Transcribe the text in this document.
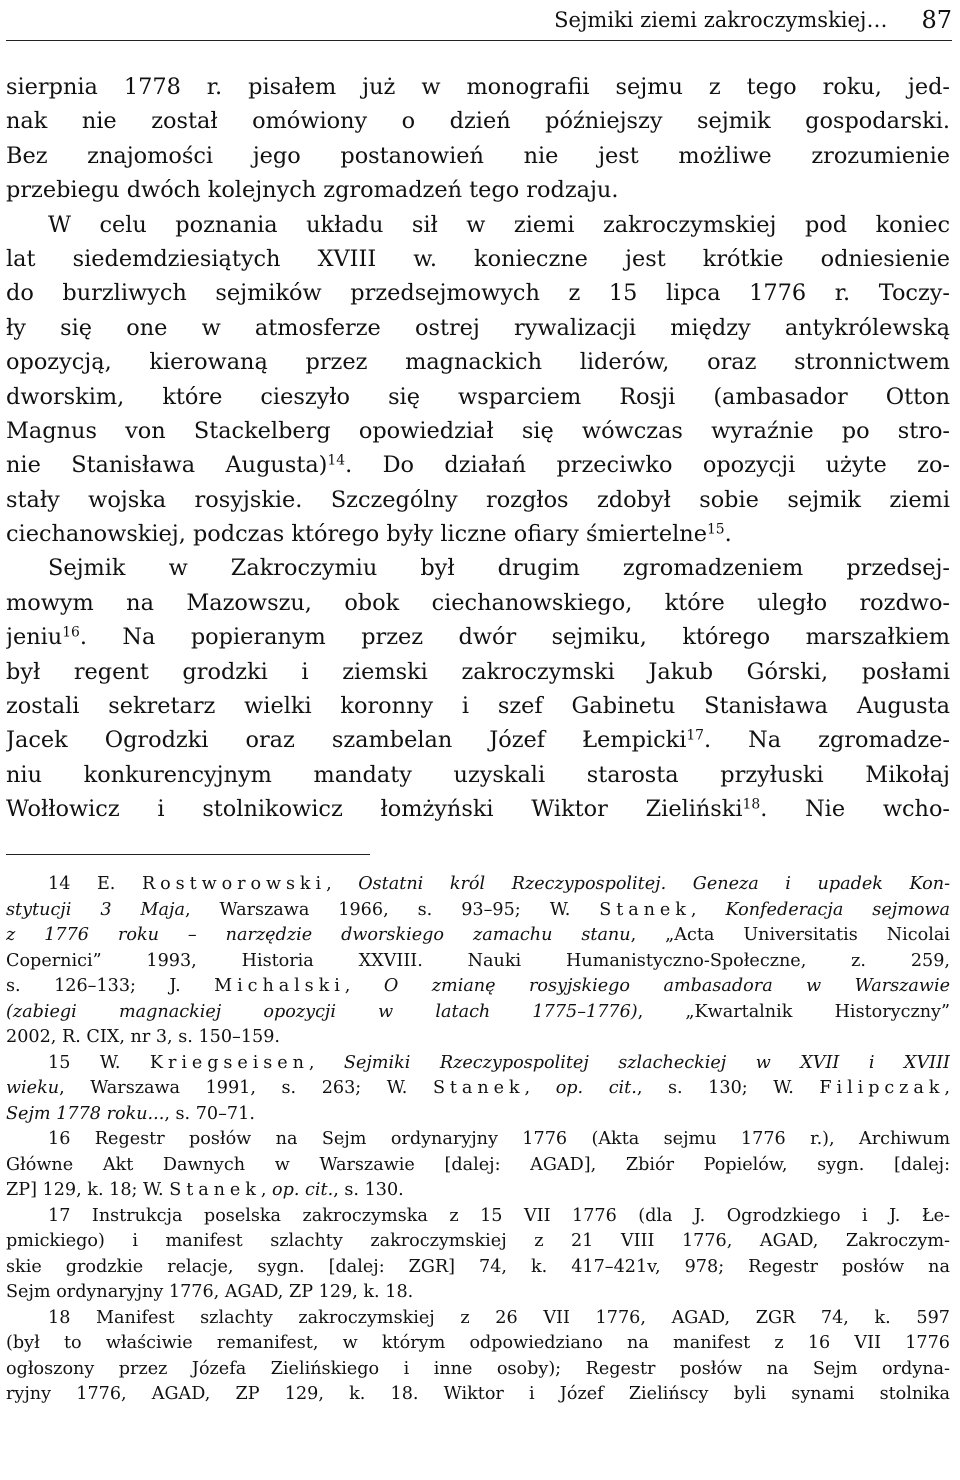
Sejmiki ziemi zakroczymskiej… 87
sierpnia 1778 r. pisałem już w monografii sejmu z tego roku, jed-
nak nie został omówiony o dzień późniejszy sejmik gospodarski.
Bez znajomości jego postanowień nie jest możliwe zrozumienie
przebiegu dwóch kolejnych zgromadzeń tego rodzaju.
W celu poznania układu sił w ziemi zakroczymskiej pod koniec
lat siedemdziesiątych XVIII w. konieczne jest krótkie odniesienie
do burzliwych sejmików przedsejmowych z 15 lipca 1776 r. Toczy-
ły się one w atmosferze ostrej rywalizacji między antykrólewską
opozycją, kierowaną przez magnackich liderów, oraz stronnictwem
dworskim, które cieszyło się wsparciem Rosji (ambasador Otton
Magnus von Stackelberg opowiedział się wówczas wyraźnie po stro-
nie Stanisława Augusta)$^{14}$. Do działań przeciwko opozycji użyte zo-
stały wojska rosyjskie. Szczególny rozgłos zdobył sobie sejmik ziemi
ciechanowskiej, podczas którego były liczne ofiary śmiertelne$^{15}$.
Sejmik w Zakroczymiu był drugim zgromadzeniem przedsej-
mowym na Mazowszu, obok ciechanowskiego, które uległo rozdwo-
jeniu$^{16}$. Na popieranym przez dwór sejmiku, którego marszałkiem
był regent grodzki i ziemski zakroczymski Jakub Górski, posłami
zostali sekretarz wielki koronny i szef Gabinetu Stanisława Augusta
Jacek Ogrodzki oraz szambelan Józef Łempicki$^{17}$. Na zgromadze-
niu konkurencyjnym mandaty uzyskali starosta przyłuski Mikołaj
Wołłowicz i stolnikowicz łomżyński Wiktor Zieliński$^{18}$. Nie wcho-
14 E. Rostworowski, Ostatni król Rzeczypospolitej. Geneza i upadek Kon-
stytucji 3 Maja, Warszawa 1966, s. 93–95; W. Stanek, Konfederacja sejmowa
z 1776 roku – narzędzie dworskiego zamachu stanu, „Acta Universitatis Nicolai
Copernici” 1993, Historia XXVIII. Nauki Humanistyczno-Społeczne, z. 259,
s. 126–133; J. Michalski, O zmianę rosyjskiego ambasadora w Warszawie
(zabiegi magnackiej opozycji w latach 1775–1776), „Kwartalnik Historyczny”
2002, R. CIX, nr 3, s. 150–159.
15 W. Kriegseisen, Sejmiki Rzeczypospolitej szlacheckiej w XVII i XVIII
wieku, Warszawa 1991, s. 263; W. Stanek, op. cit., s. 130; W. Filipczak,
Sejm 1778 roku..., s. 70–71.
16 Regestr posłów na Sejm ordynaryjny 1776 (Akta sejmu 1776 r.), Archiwum
Główne Akt Dawnych w Warszawie [dalej: AGAD], Zbiór Popielów, sygn. [dalej:
ZP] 129, k. 18; W. Stanek, op. cit., s. 130.
17 Instrukcja poselska zakroczymska z 15 VII 1776 (dla J. Ogrodzkiego i J. Łe-
pmickiego) i manifest szlachty zakroczymskiej z 21 VIII 1776, AGAD, Zakroczym-
skie grodzkie relacje, sygn. [dalej: ZGR] 74, k. 417–421v, 978; Regestr posłów na
Sejm ordynaryjny 1776, AGAD, ZP 129, k. 18.
18 Manifest szlachty zakroczymskiej z 26 VII 1776, AGAD, ZGR 74, k. 597
(był to właściwie remanifest, w którym odpowiedziano na manifest z 16 VII 1776
ogłoszony przez Józefa Zielińskiego i inne osoby); Regestr posłów na Sejm ordyna-
ryjny 1776, AGAD, ZP 129, k. 18. Wiktor i Józef Zielińscy byli synami stolnika
